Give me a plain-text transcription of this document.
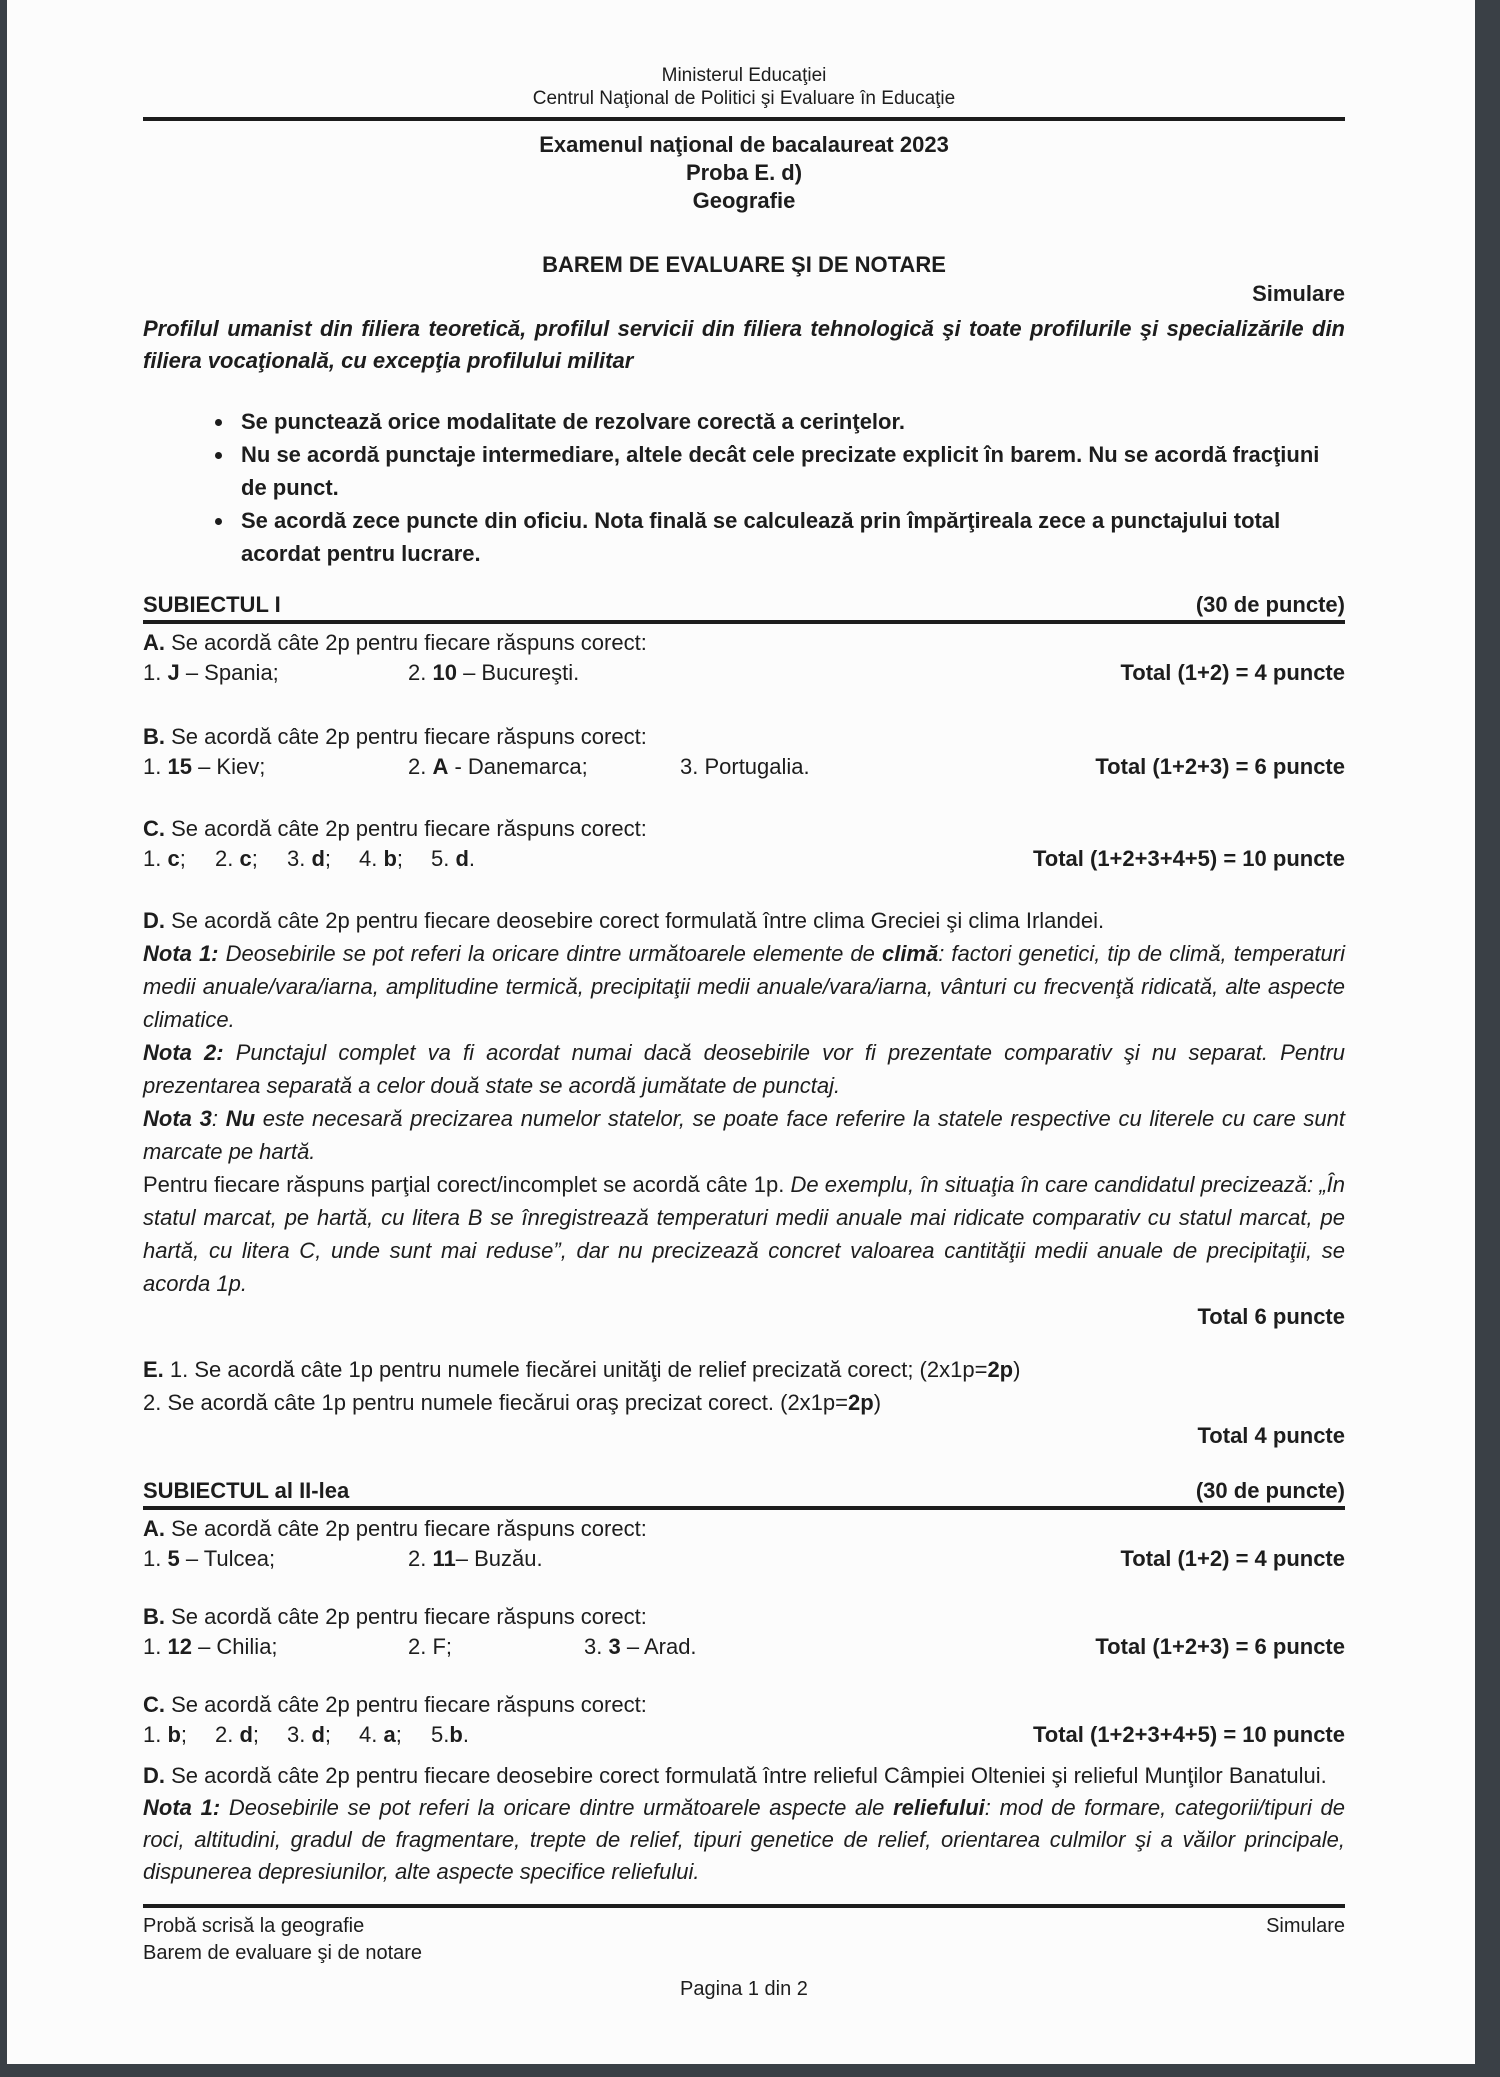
Ministerul Educaţiei
Centrul Naţional de Politici şi Evaluare în Educaţie
Examenul naţional de bacalaureat 2023
Proba E. d)
Geografie
BAREM DE EVALUARE ŞI DE NOTARE
Simulare

Profilul umanist din filiera teoretică, profilul servicii din filiera tehnologică şi toate profilurile şi specializările din filiera vocaţională, cu excepţia profilului militar

• Se punctează orice modalitate de rezolvare corectă a cerinţelor.
• Nu se acordă punctaje intermediare, altele decât cele precizate explicit în barem. Nu se acordă fracţiuni de punct.
• Se acordă zece puncte din oficiu. Nota finală se calculează prin împărţireala zece a punctajului total acordat pentru lucrare.
SUBIECTUL I	(30 de puncte)

A. Se acordă câte 2p pentru fiecare răspuns corect:

1. J – Spania;	2. 10 – Bucureşti.	Total (1+2) = 4 puncte

B. Se acordă câte 2p pentru fiecare răspuns corect:

1. 15 – Kiev;	2. A - Danemarca;	3. Portugalia.	Total (1+2+3) = 6 puncte

C. Se acordă câte 2p pentru fiecare răspuns corect:

1. c;	2. c;	3. d;	4. b;	5. d.	Total (1+2+3+4+5) = 10 puncte

D. Se acordă câte 2p pentru fiecare deosebire corect formulată între clima Greciei şi clima Irlandei.

Nota 1: Deosebirile se pot referi la oricare dintre următoarele elemente de climă: factori genetici, tip de climă, temperaturi medii anuale/vara/iarna, amplitudine termică, precipitaţii medii anuale/vara/iarna, vânturi cu frecvenţă ridicată, alte aspecte climatice.

Nota 2: Punctajul complet va fi acordat numai dacă deosebirile vor fi prezentate comparativ şi nu separat. Pentru prezentarea separată a celor două state se acordă jumătate de punctaj.

Nota 3: Nu este necesară precizarea numelor statelor, se poate face referire la statele respective cu literele cu care sunt marcate pe hartă.

Pentru fiecare răspuns parţial corect/incomplet se acordă câte 1p. De exemplu, în situaţia în care candidatul precizează: „În statul marcat, pe hartă, cu litera B se înregistrează temperaturi medii anuale mai ridicate comparativ cu statul marcat, pe hartă, cu litera C, unde sunt mai reduse”, dar nu precizează concret valoarea cantităţii medii anuale de precipitaţii, se acorda 1p.

Total 6 puncte

E. 1. Se acordă câte 1p pentru numele fiecărei unităţi de relief precizată corect; (2x1p=2p)

2. Se acordă câte 1p pentru numele fiecărui oraş precizat corect. (2x1p=2p)

Total 4 puncte
SUBIECTUL al II-lea	(30 de puncte)

A. Se acordă câte 2p pentru fiecare răspuns corect:

1. 5 – Tulcea;	2. 11– Buzău.	Total (1+2) = 4 puncte

B. Se acordă câte 2p pentru fiecare răspuns corect:

1. 12 – Chilia;	2. F;	3. 3 – Arad.	Total (1+2+3) = 6 puncte

C. Se acordă câte 2p pentru fiecare răspuns corect:

1. b;	2. d;	3. d;	4. a;	5.b.	Total (1+2+3+4+5) = 10 puncte

D. Se acordă câte 2p pentru fiecare deosebire corect formulată între relieful Câmpiei Olteniei şi relieful Munţilor Banatului.

Nota 1: Deosebirile se pot referi la oricare dintre următoarele aspecte ale reliefului: mod de formare, categorii/tipuri de roci, altitudini, gradul de fragmentare, trepte de relief, tipuri genetice de relief, orientarea culmilor şi a văilor principale, dispunerea depresiunilor, alte aspecte specifice reliefului.

Probă scrisă la geografie	Simulare
Barem de evaluare şi de notare
Pagina 1 din 2
